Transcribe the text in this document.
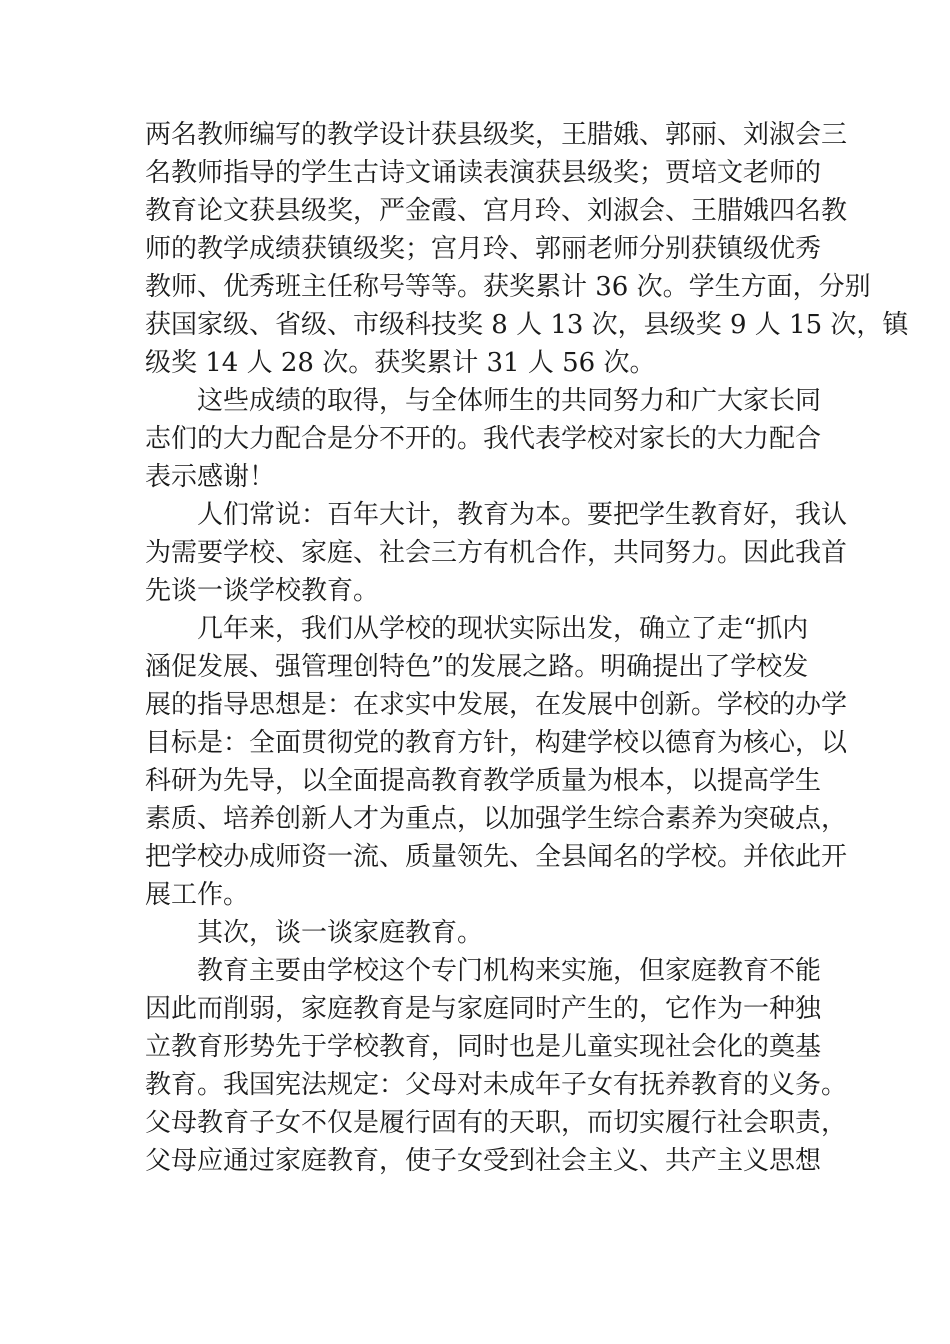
两名教师编写的教学设计获县级奖，王腊娥、郭丽、刘淑会三
名教师指导的学生古诗文诵读表演获县级奖；贾培文老师的
教育论文获县级奖，严金霞、宫月玲、刘淑会、王腊娥四名教
师的教学成绩获镇级奖；宫月玲、郭丽老师分别获镇级优秀
教师、优秀班主任称号等等。获奖累计 36 次。学生方面，分别
获国家级、省级、市级科技奖 8 人 13 次，县级奖 9 人 15 次，镇
级奖 14 人 28 次。获奖累计 31 人 56 次。
这些成绩的取得，与全体师生的共同努力和广大家长同
志们的大力配合是分不开的。我代表学校对家长的大力配合
表示感谢！
人们常说：百年大计，教育为本。要把学生教育好，我认
为需要学校、家庭、社会三方有机合作，共同努力。因此我首
先谈一谈学校教育。
几年来，我们从学校的现状实际出发，确立了走“抓内
涵促发展、强管理创特色”的发展之路。明确提出了学校发
展的指导思想是：在求实中发展，在发展中创新。学校的办学
目标是：全面贯彻党的教育方针，构建学校以德育为核心，以
科研为先导，以全面提高教育教学质量为根本，以提高学生
素质、培养创新人才为重点，以加强学生综合素养为突破点，
把学校办成师资一流、质量领先、全县闻名的学校。并依此开
展工作。
其次，谈一谈家庭教育。
教育主要由学校这个专门机构来实施，但家庭教育不能
因此而削弱，家庭教育是与家庭同时产生的，它作为一种独
立教育形势先于学校教育，同时也是儿童实现社会化的奠基
教育。我国宪法规定：父母对未成年子女有抚养教育的义务。
父母教育子女不仅是履行固有的天职，而切实履行社会职责，
父母应通过家庭教育，使子女受到社会主义、共产主义思想
